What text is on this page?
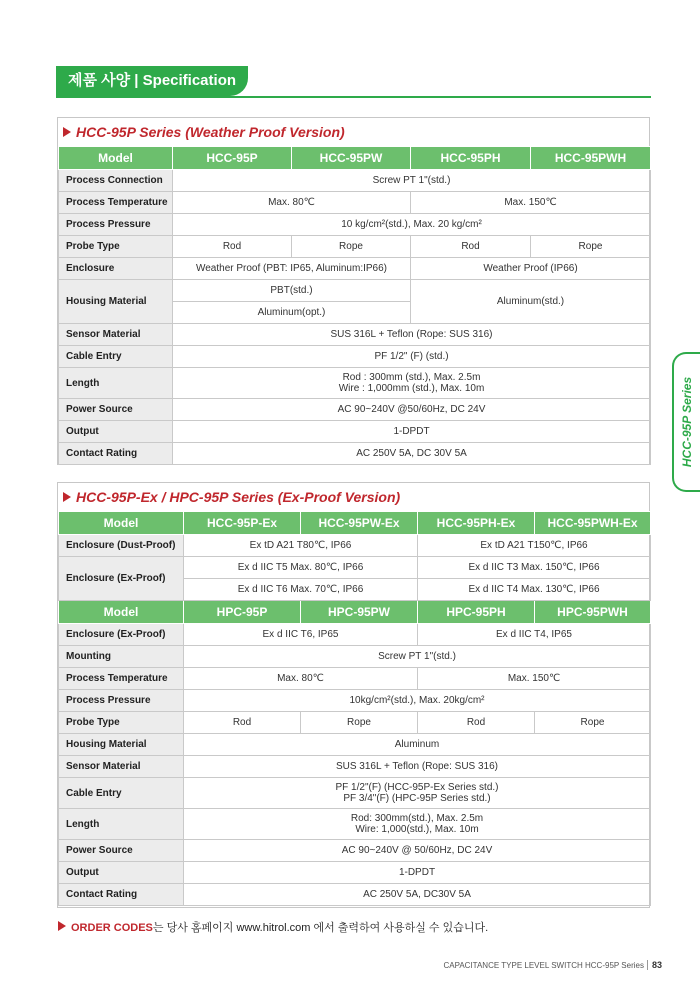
제품 사양 | Specification
HCC-95P Series
HCC-95P Series (Weather Proof Version)
Model	HCC-95P	HCC-95PW	HCC-95PH	HCC-95PWH
Process Connection	Screw PT 1"(std.)			
Process Temperature	Max. 80℃		Max. 150℃	
Process Pressure	10 kg/cm²(std.), Max. 20 kg/cm²			
Probe Type	Rod	Rope	Rod	Rope
Enclosure	Weather Proof (PBT: IP65, Aluminum:IP66)		Weather Proof (IP66)	
Housing Material	PBT(std.)		Aluminum(std.)	
	Aluminum(opt.)			
Sensor Material	SUS 316L + Teflon (Rope: SUS 316)			
Cable Entry	PF 1/2" (F) (std.)			
Length	Rod : 300mm (std.), Max. 2.5m
Wire : 1,000mm (std.), Max. 10m			

Power Source	AC 90~240V @50/60Hz, DC 24V			
Output	1-DPDT			
Contact Rating	AC 250V 5A, DC 30V 5A			
HCC-95P-Ex / HPC-95P Series (Ex-Proof Version)
Model	HCC-95P-Ex	HCC-95PW-Ex	HCC-95PH-Ex	HCC-95PWH-Ex
Enclosure (Dust-Proof)	Ex tD A21 T80℃, IP66		Ex tD A21 T150℃, IP66	
Enclosure (Ex-Proof)	Ex d IIC T5 Max. 80℃, IP66		Ex d IIC T3 Max. 150℃, IP66	
	Ex d IIC T6 Max. 70℃, IP66		Ex d IIC T4 Max. 130℃, IP66	
Model	HPC-95P	HPC-95PW	HPC-95PH	HPC-95PWH
Enclosure (Ex-Proof)	Ex d IIC T6, IP65		Ex d IIC T4, IP65	
Mounting	Screw PT 1"(std.)			
Process Temperature	Max. 80℃		Max. 150℃	
Process Pressure	10kg/cm²(std.), Max. 20kg/cm²			
Probe Type	Rod	Rope	Rod	Rope
Housing Material	Aluminum			
Sensor Material	SUS 316L + Teflon (Rope: SUS 316)			
Cable Entry	PF 1/2"(F) (HCC-95P-Ex Series std.)
PF 3/4"(F) (HPC-95P Series std.)			

Length	Rod: 300mm(std.), Max. 2.5m
Wire: 1,000(std.), Max. 10m			

Power Source	AC 90~240V @ 50/60Hz, DC 24V			
Output	1-DPDT			
Contact Rating	AC 250V 5A, DC30V 5A			
ORDER CODES는 당사 홈페이지 www.hitrol.com 에서 출력하여 사용하실 수 있습니다.
CAPACITANCE TYPE LEVEL SWITCH HCC-95P Series 83
